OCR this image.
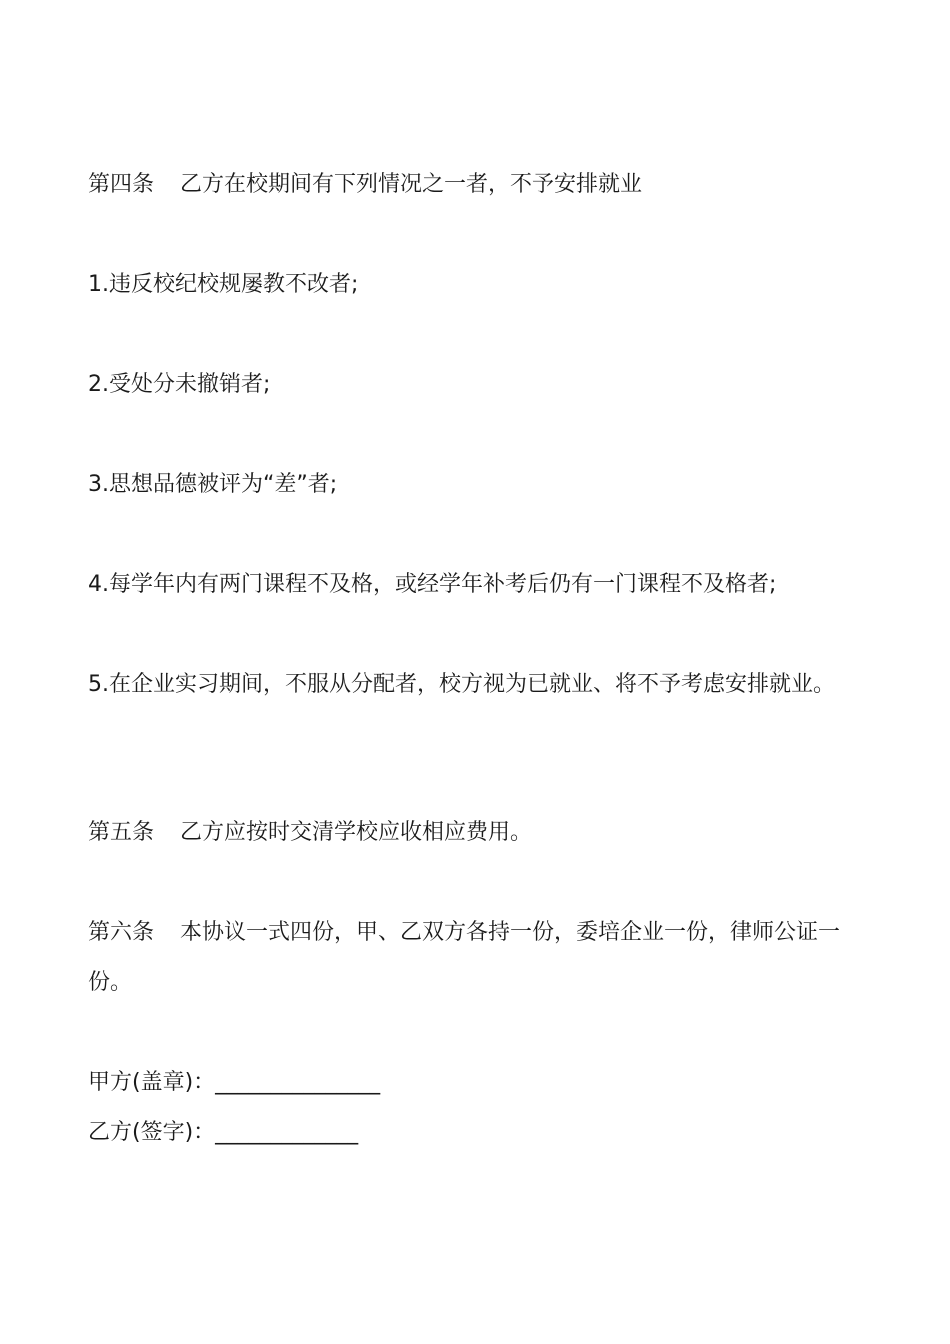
第四条 乙方在校期间有下列情况之一者，不予安排就业

1.违反校纪校规屡教不改者;

2.受处分未撤销者;

3.思想品德被评为“差”者;

4.每学年内有两门课程不及格，或经学年补考后仍有一门课程不及格者;

5.在企业实习期间，不服从分配者，校方视为已就业、将不予考虑安排就业。

第五条 乙方应按时交清学校应收相应费用。

第六条 本协议一式四份，甲、乙双方各持一份，委培企业一份，律师公证一份。

甲方(盖章)：_______________
乙方(签字)：_____________
